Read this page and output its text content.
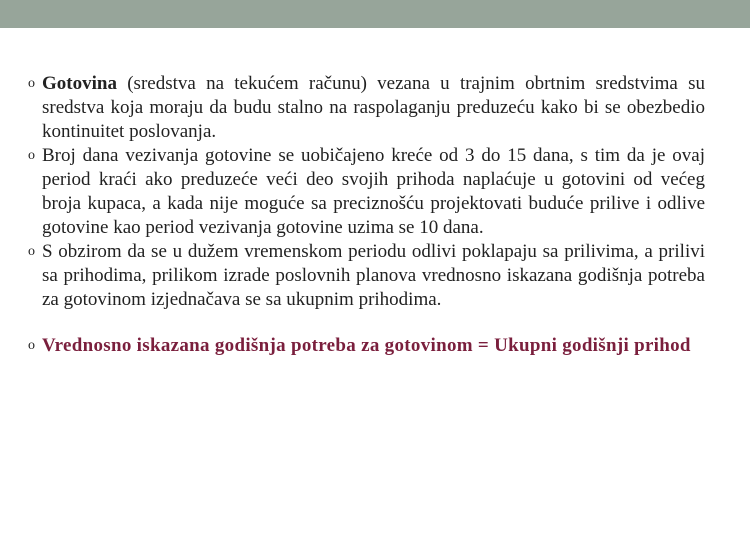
o Gotovina (sredstva na tekućem računu) vezana u trajnim obrtnim sredstvima su sredstva koja moraju da budu stalno na raspolaganju preduzeću kako bi se obezbedio kontinuitet poslovanja.
o Broj dana vezivanja gotovine se uobičajeno kreće od 3 do 15 dana, s tim da je ovaj period kraći ako preduzeće veći deo svojih prihoda naplaćuje u gotovini od većeg broja kupaca, a kada nije moguće sa preciznošću projektovati buduće prilive i odlive gotovine kao period vezivanja gotovine uzima se 10 dana.
o S obzirom da se u dužem vremenskom periodu odlivi poklapaju sa prilivima, a prilivi sa prihodima, prilikom izrade poslovnih planova vrednosno iskazana godišnja potreba za gotovinom izjednačava se sa ukupnim prihodima.
o Vrednosno iskazana godišnja potreba za gotovinom = Ukupni godišnji prihod
